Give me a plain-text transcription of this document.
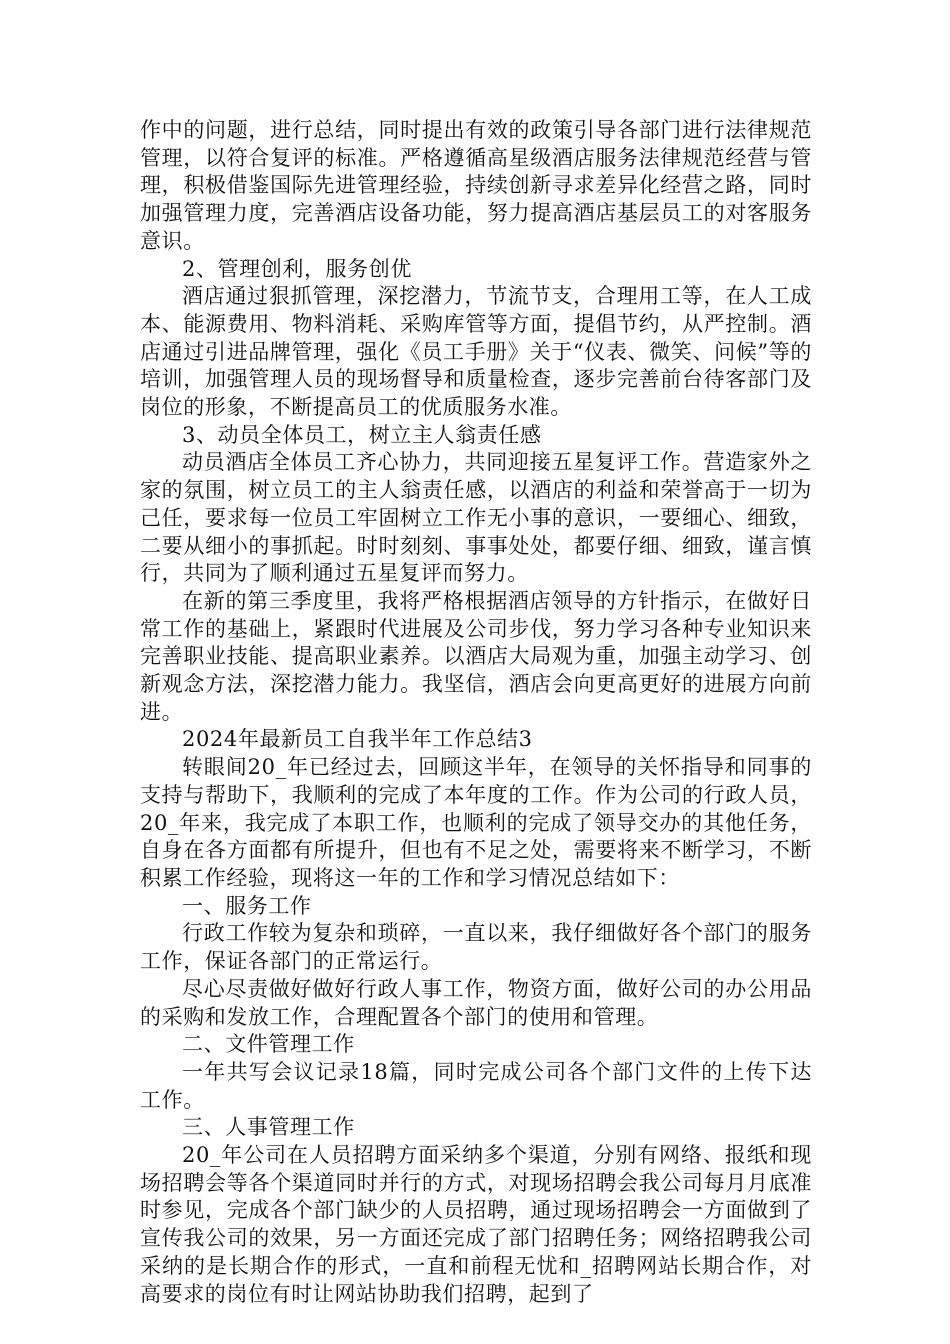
作中的问题，进行总结，同时提出有效的政策引导各部门进行法律规范管理，以符合复评的标准。严格遵循高星级酒店服务法律规范经营与管理，积极借鉴国际先进管理经验，持续创新寻求差异化经营之路，同时加强管理力度，完善酒店设备功能，努力提高酒店基层员工的对客服务意识。

2、管理创利，服务创优

酒店通过狠抓管理，深挖潜力，节流节支，合理用工等，在人工成本、能源费用、物料消耗、采购库管等方面，提倡节约，从严控制。酒店通过引进品牌管理，强化《员工手册》关于“仪表、微笑、问候”等的培训，加强管理人员的现场督导和质量检查，逐步完善前台待客部门及岗位的形象，不断提高员工的优质服务水准。

3、动员全体员工，树立主人翁责任感

动员酒店全体员工齐心协力，共同迎接五星复评工作。营造家外之家的氛围，树立员工的主人翁责任感，以酒店的利益和荣誉高于一切为己任，要求每一位员工牢固树立工作无小事的意识，一要细心、细致，二要从细小的事抓起。时时刻刻、事事处处，都要仔细、细致，谨言慎行，共同为了顺利通过五星复评而努力。

在新的第三季度里，我将严格根据酒店领导的方针指示，在做好日常工作的基础上，紧跟时代进展及公司步伐，努力学习各种专业知识来完善职业技能、提高职业素养。以酒店大局观为重，加强主动学习、创新观念方法，深挖潜力能力。我坚信，酒店会向更高更好的进展方向前进。

2024年最新员工自我半年工作总结3

转眼间20_年已经过去，回顾这半年，在领导的关怀指导和同事的支持与帮助下，我顺利的完成了本年度的工作。作为公司的行政人员，20_年来，我完成了本职工作，也顺利的完成了领导交办的其他任务，自身在各方面都有所提升，但也有不足之处，需要将来不断学习，不断积累工作经验，现将这一年的工作和学习情况总结如下：

一、服务工作

行政工作较为复杂和琐碎，一直以来，我仔细做好各个部门的服务工作，保证各部门的正常运行。

尽心尽责做好做好行政人事工作，物资方面，做好公司的办公用品的采购和发放工作，合理配置各个部门的使用和管理。

二、文件管理工作

一年共写会议记录18篇，同时完成公司各个部门文件的上传下达工作。

三、人事管理工作

20_年公司在人员招聘方面采纳多个渠道，分别有网络、报纸和现场招聘会等各个渠道同时并行的方式，对现场招聘会我公司每月月底准时参见，完成各个部门缺少的人员招聘，通过现场招聘会一方面做到了宣传我公司的效果，另一方面还完成了部门招聘任务；网络招聘我公司采纳的是长期合作的形式，一直和前程无忧和_招聘网站长期合作，对高要求的岗位有时让网站协助我们招聘，起到了
